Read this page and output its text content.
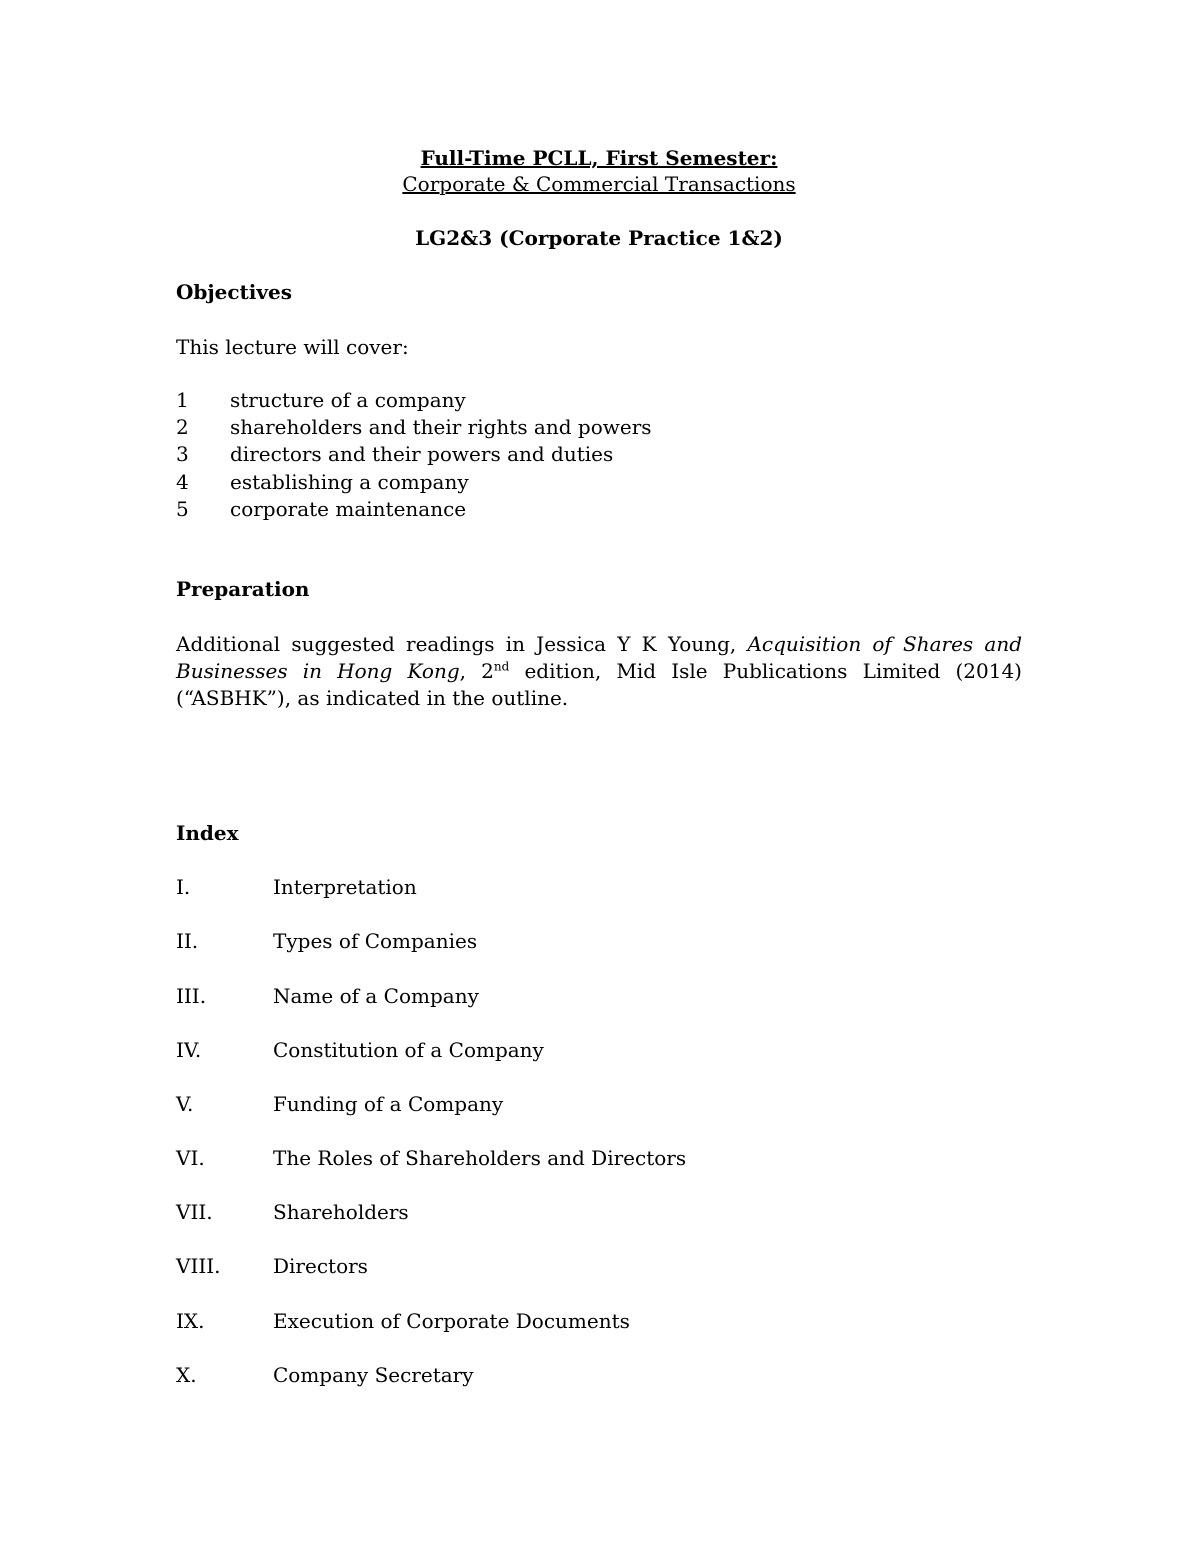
Full-Time PCLL, First Semester:
Corporate & Commercial Transactions
LG2&3 (Corporate Practice 1&2)
Objectives
This lecture will cover:
1 structure of a company
2 shareholders and their rights and powers
3 directors and their powers and duties
4 establishing a company
5 corporate maintenance
Preparation
Additional suggested readings in Jessica Y K Young, Acquisition of Shares and Businesses in Hong Kong, 2nd edition, Mid Isle Publications Limited (2014) (“ASBHK”), as indicated in the outline.
Index
I.	Interpretation
II.	Types of Companies
III.	Name of a Company
IV.	Constitution of a Company
V.	Funding of a Company
VI.	The Roles of Shareholders and Directors
VII.	Shareholders
VIII.	Directors
IX.	Execution of Corporate Documents
X.	Company Secretary
